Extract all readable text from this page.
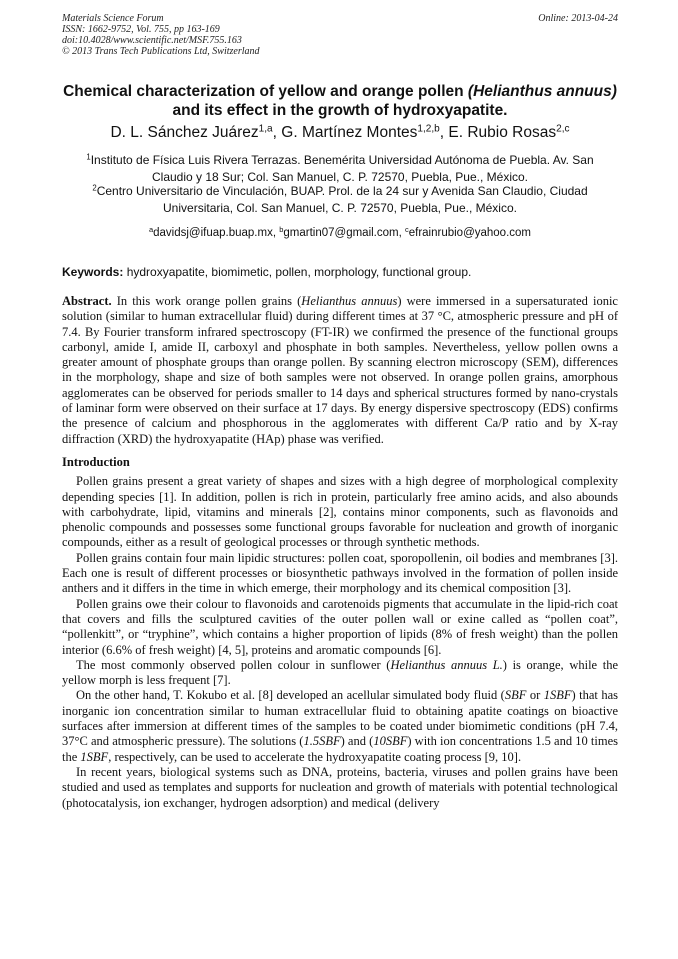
Materials Science Forum
ISSN: 1662-9752, Vol. 755, pp 163-169
doi:10.4028/www.scientific.net/MSF.755.163
© 2013 Trans Tech Publications Ltd, Switzerland
Online: 2013-04-24
Chemical characterization of yellow and orange pollen (Helianthus annuus) and its effect in the growth of hydroxyapatite.
D. L. Sánchez Juárez$^{1,a}$, G. Martínez Montes$^{1,2,b}$, E. Rubio Rosas$^{2,c}$
$^1$Instituto de Física Luis Rivera Terrazas. Benemérita Universidad Autónoma de Puebla. Av. San Claudio y 18 Sur; Col. San Manuel, C. P. 72570, Puebla, Pue., México.
$^2$Centro Universitario de Vinculación, BUAP. Prol. de la 24 sur y Avenida San Claudio, Ciudad Universitaria, Col. San Manuel, C. P. 72570, Puebla, Pue., México.
$^a$davidsj@ifuap.buap.mx, $^b$gmartin07@gmail.com, $^c$efrainrubio@yahoo.com
Keywords: hydroxyapatite, biomimetic, pollen, morphology, functional group.

Abstract. In this work orange pollen grains (Helianthus annuus) were immersed in a supersaturated ionic solution (similar to human extracellular fluid) during different times at 37 °C, atmospheric pressure and pH of 7.4. By Fourier transform infrared spectroscopy (FT-IR) we confirmed the presence of the functional groups carbonyl, amide I, amide II, carboxyl and phosphate in both samples. Nevertheless, yellow pollen owns a greater amount of phosphate groups than orange pollen. By scanning electron microscopy (SEM), differences in the morphology, shape and size of both samples were not observed. In orange pollen grains, amorphous agglomerates can be observed for periods smaller to 14 days and spherical structures formed by nano-crystals of laminar form were observed on their surface at 17 days. By energy dispersive spectroscopy (EDS) confirms the presence of calcium and phosphorous in the agglomerates with different Ca/P ratio and by X-ray diffraction (XRD) the hydroxyapatite (HAp) phase was verified.

Introduction

Pollen grains present a great variety of shapes and sizes with a high degree of morphological complexity depending species [1]. In addition, pollen is rich in protein, particularly free amino acids, and also abounds with carbohydrate, lipid, vitamins and minerals [2], contains minor components, such as flavonoids and phenolic compounds and possesses some functional groups favorable for nucleation and growth of inorganic compounds, either as a result of geological processes or through synthetic methods.

Pollen grains contain four main lipidic structures: pollen coat, sporopollenin, oil bodies and membranes [3]. Each one is result of different processes or biosynthetic pathways involved in the formation of pollen inside anthers and it differs in the time in which emerge, their morphology and its chemical composition [3].

Pollen grains owe their colour to flavonoids and carotenoids pigments that accumulate in the lipid-rich coat that covers and fills the sculptured cavities of the outer pollen wall or exine called as “pollen coat”, “pollenkitt”, or “tryphine”, which contains a higher proportion of lipids (8% of fresh weight) than the pollen interior (6.6% of fresh weight) [4, 5], proteins and aromatic compounds [6].

The most commonly observed pollen colour in sunflower (Helianthus annuus L.) is orange, while the yellow morph is less frequent [7].

On the other hand, T. Kokubo et al. [8] developed an acellular simulated body fluid (SBF or 1SBF) that has inorganic ion concentration similar to human extracellular fluid to obtaining apatite coatings on bioactive surfaces after immersion at different times of the samples to be coated under biomimetic conditions (pH 7.4, 37°C and atmospheric pressure). The solutions (1.5SBF) and (10SBF) with ion concentrations 1.5 and 10 times the 1SBF, respectively, can be used to accelerate the hydroxyapatite coating process [9, 10].

In recent years, biological systems such as DNA, proteins, bacteria, viruses and pollen grains have been studied and used as templates and supports for nucleation and growth of materials with potential technological (photocatalysis, ion exchanger, hydrogen adsorption) and medical (delivery
